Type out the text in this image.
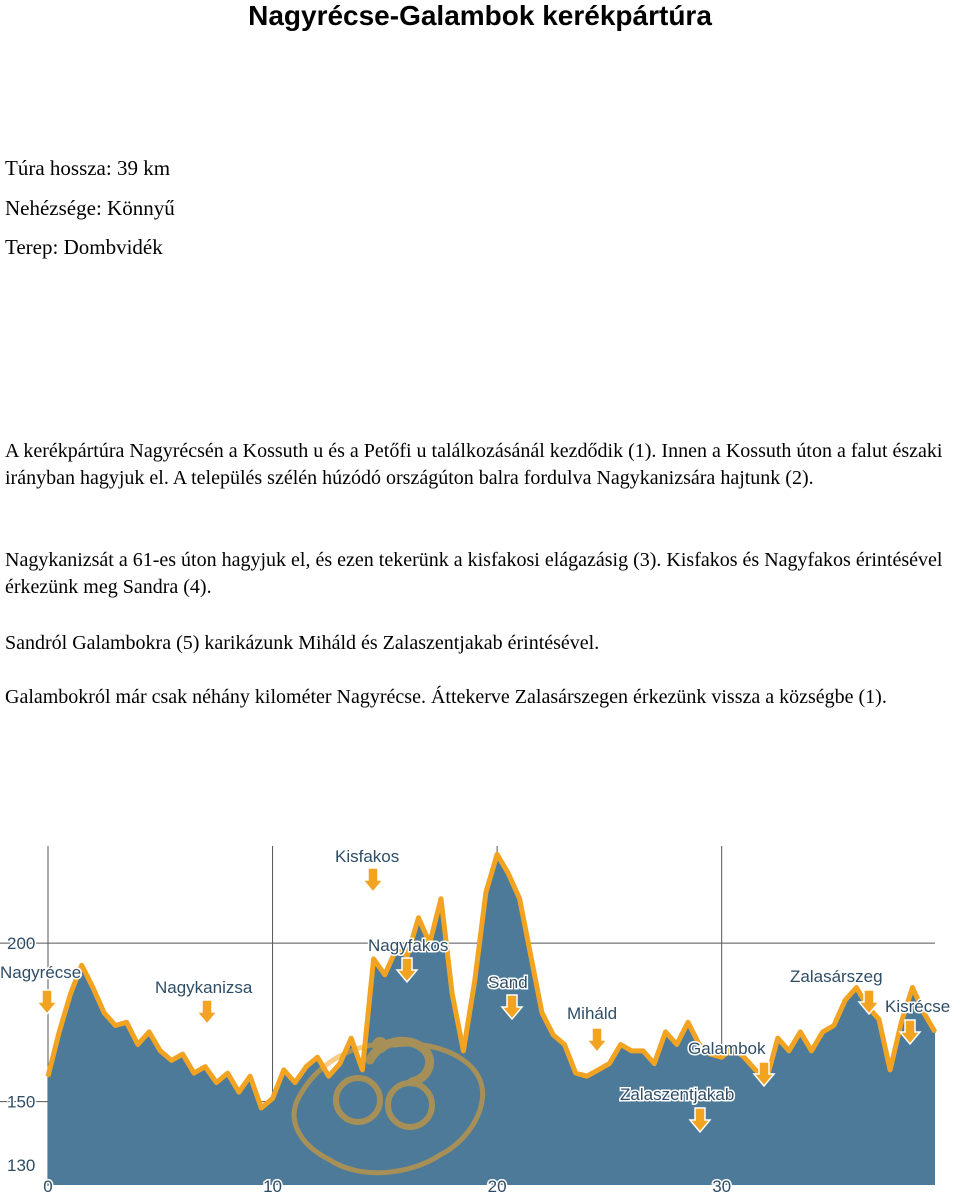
Nagyrécse-Galambok kerékpártúra
Túra hossza: 39 km
Nehézsége: Könnyű
Terep: Dombvidék

A kerékpártúra Nagyrécsén a Kossuth u és a Petőfi u találkozásánál kezdődik (1). Innen a Kossuth úton a falut északi irányban hagyjuk el. A település szélén húzódó országúton balra fordulva Nagykanizsára hajtunk (2).

Nagykanizsát a 61-es úton hagyjuk el, és ezen tekerünk a kisfakosi elágazásig (3). Kisfakos és Nagyfakos érintésével érkezünk meg Sandra (4).

Sandról Galambokra (5) karikázunk Miháld és Zalaszentjakab érintésével.

Galambokról már csak néhány kilométer Nagyrécse. Áttekerve Zalasárszegen érkezünk vissza a községbe (1).

Nagyrécse
Nagykanizsa
Kisfakos
Nagyfakos
Sand
Miháld
Zalaszentjakab
Galambok
Zalasárszeg
Kisrécse
0	10	20	30
130
150
200
